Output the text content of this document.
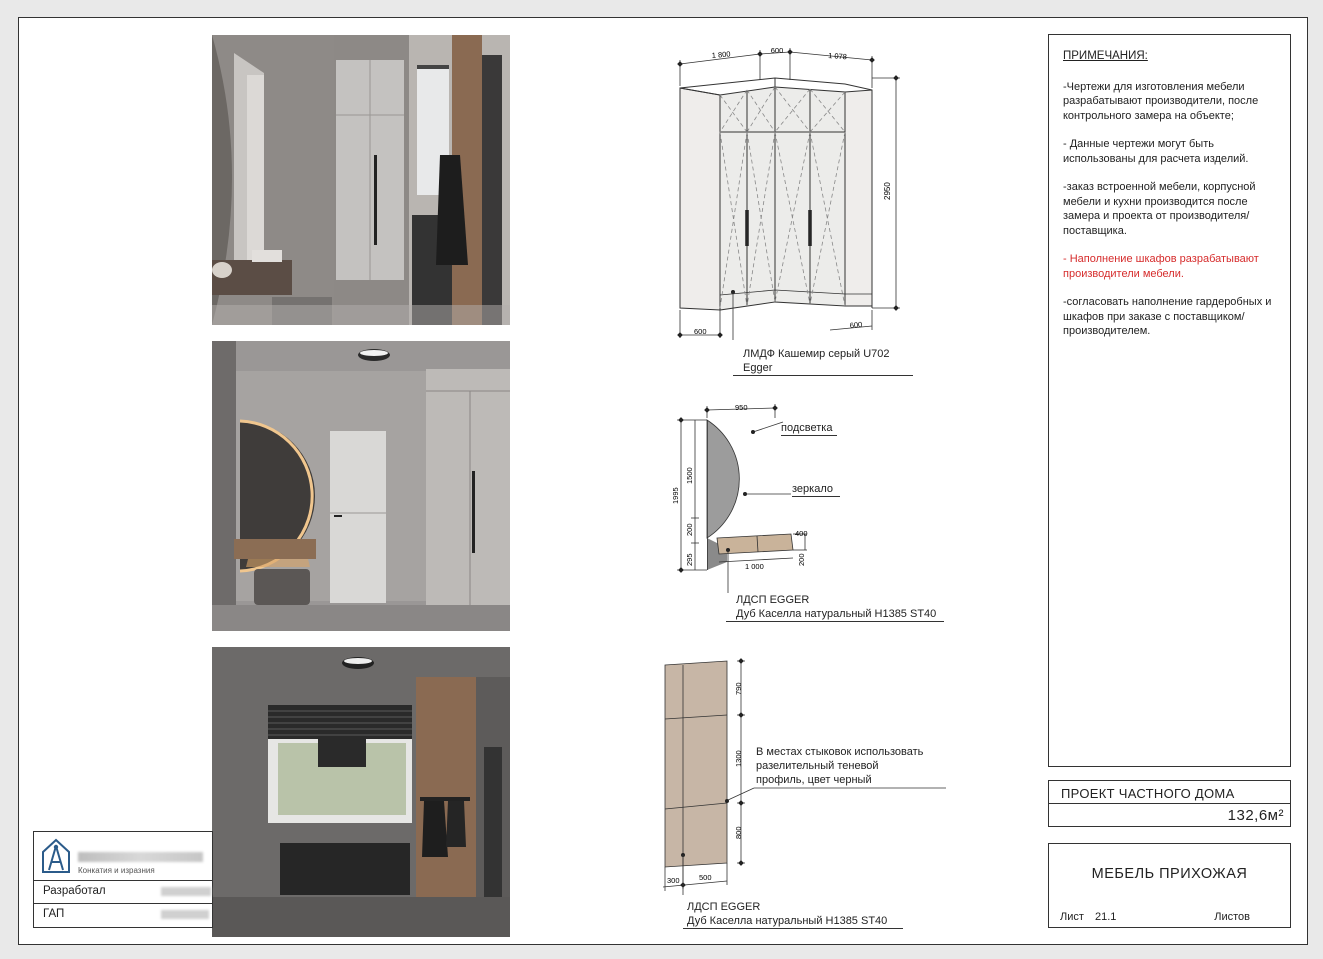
Конкатия и изразния
Разработал
ГАП
1 800	600
1 078
2950
600
600
ЛМДФ Кашемир серый U702
Egger
950
1995
1500
200
295
1 000
400
200
подсветка
зеркало
ЛДСП EGGER
Дуб Каселла натуральный H1385 ST40
790
1300
800
300	500
В местах стыковок использовать
разелительный теневой
профиль, цвет черный
ЛДСП EGGER
Дуб Каселла натуральный H1385 ST40
ПРИМЕЧАНИЯ:

-Чертежи для изготовления мебели разрабатывают производители, после контрольного замера на объекте;

- Данные чертежи могут быть использованы для расчета изделий.

-заказ встроенной мебели, корпусной мебели и кухни производится после замера и проекта от производителя/поставщика.

- Наполнение шкафов разрабатывают производители мебели.

-согласовать наполнение гардеробных и шкафов при заказе с поставщиком/производителем.

ПРОЕКТ ЧАСТНОГО ДОМА
132,6м²
МЕБЕЛЬ ПРИХОЖАЯ
Лист 21.1	Листов
